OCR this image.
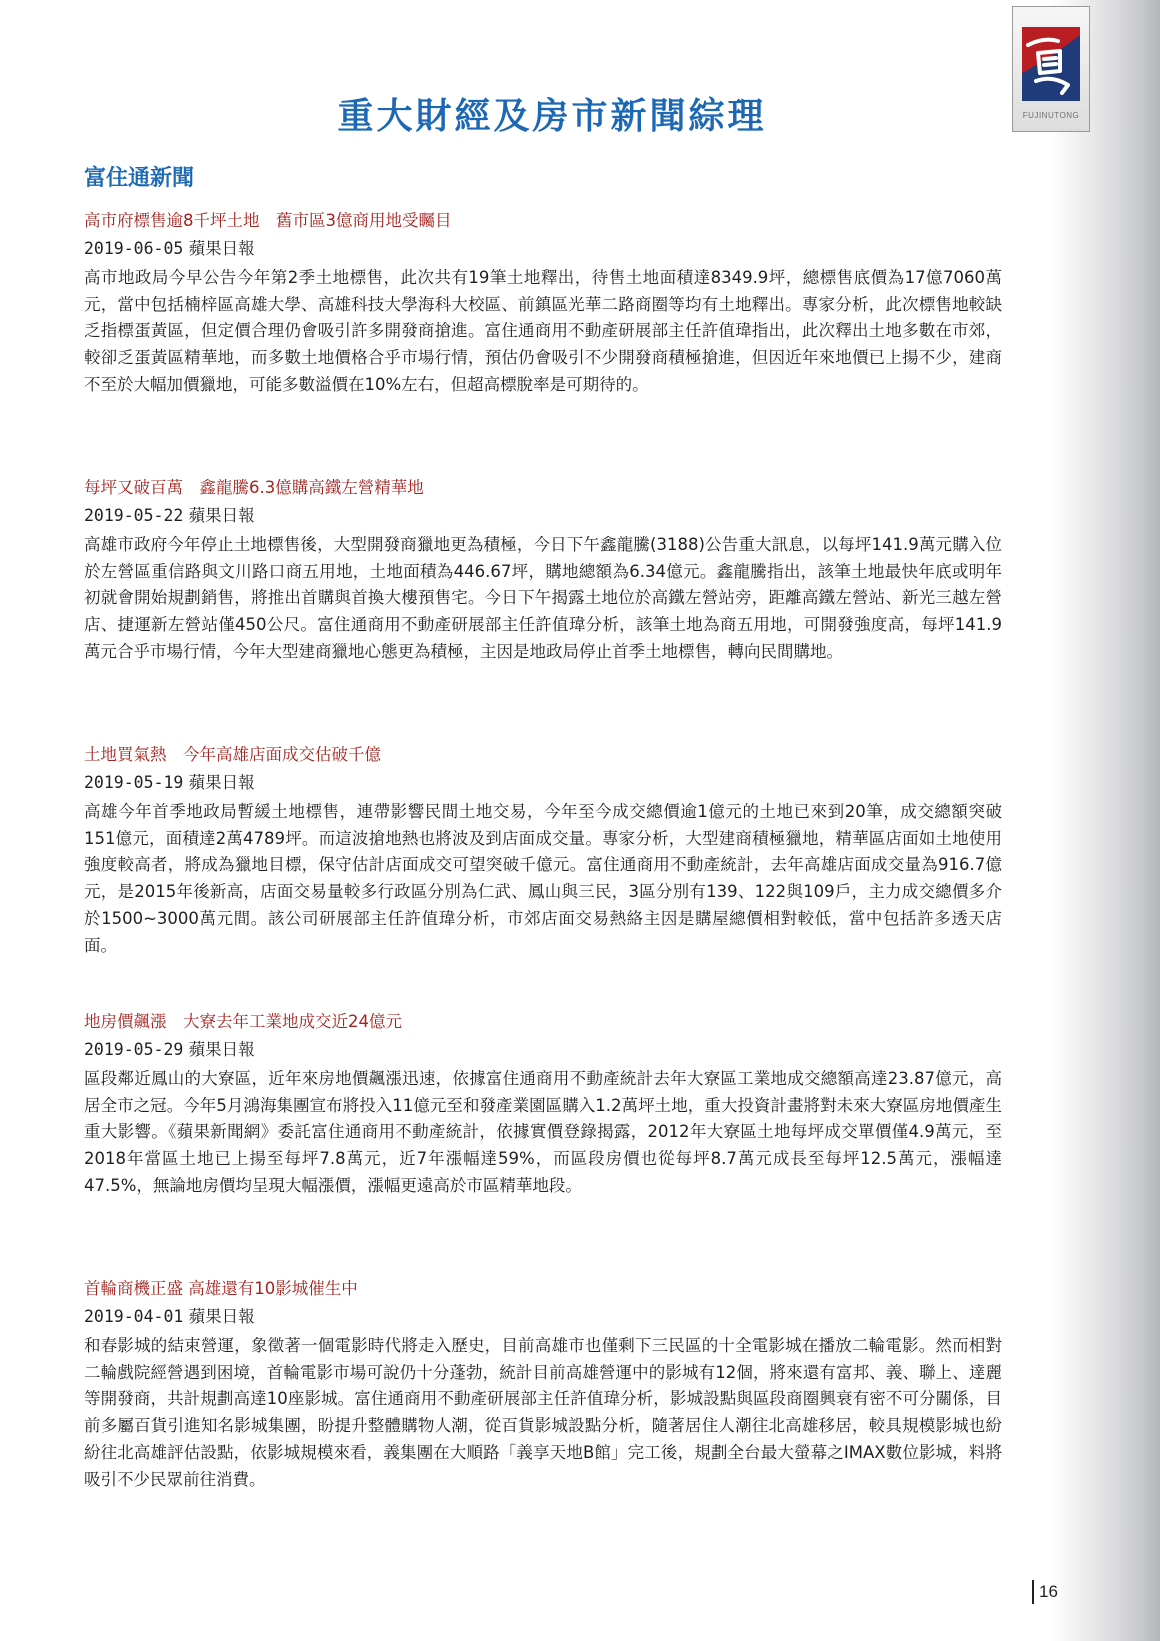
FUJINUTONG
重大財經及房市新聞綜理
富住通新聞

高市府標售逾8千坪土地　舊市區3億商用地受矚目

2019-06-05 蘋果日報

高市地政局今早公告今年第2季土地標售，此次共有19筆土地釋出，待售土地面積達8349.9坪，總標售底價為17億7060萬元，當中包括楠梓區高雄大學、高雄科技大學海科大校區、前鎮區光華二路商圈等均有土地釋出。專家分析，此次標售地較缺乏指標蛋黃區，但定價合理仍會吸引許多開發商搶進。富住通商用不動產研展部主任許值瑋指出，此次釋出土地多數在市郊，較卻乏蛋黃區精華地，而多數土地價格合乎市場行情，預估仍會吸引不少開發商積極搶進，但因近年來地價已上揚不少，建商不至於大幅加價獵地，可能多數溢價在10%左右，但超高標脫率是可期待的。

每坪又破百萬　鑫龍騰6.3億購高鐵左營精華地

2019-05-22 蘋果日報

高雄市政府今年停止土地標售後，大型開發商獵地更為積極，今日下午鑫龍騰(3188)公告重大訊息，以每坪141.9萬元購入位於左營區重信路與文川路口商五用地，土地面積為446.67坪，購地總額為6.34億元。鑫龍騰指出，該筆土地最快年底或明年初就會開始規劃銷售，將推出首購與首換大樓預售宅。今日下午揭露土地位於高鐵左營站旁，距離高鐵左營站、新光三越左營店、捷運新左營站僅450公尺。富住通商用不動產研展部主任許值瑋分析，該筆土地為商五用地，可開發強度高，每坪141.9萬元合乎市場行情，今年大型建商獵地心態更為積極，主因是地政局停止首季土地標售，轉向民間購地。

土地買氣熱　今年高雄店面成交估破千億

2019-05-19 蘋果日報

高雄今年首季地政局暫緩土地標售，連帶影響民間土地交易，今年至今成交總價逾1億元的土地已來到20筆，成交總額突破151億元，面積達2萬4789坪。而這波搶地熱也將波及到店面成交量。專家分析，大型建商積極獵地，精華區店面如土地使用強度較高者，將成為獵地目標，保守估計店面成交可望突破千億元。富住通商用不動產統計，去年高雄店面成交量為916.7億元，是2015年後新高，店面交易量較多行政區分別為仁武、鳳山與三民，3區分別有139、122與109戶，主力成交總價多介於1500~3000萬元間。該公司研展部主任許值瑋分析，市郊店面交易熱絡主因是購屋總價相對較低，當中包括許多透天店面。

地房價飆漲　大寮去年工業地成交近24億元

2019-05-29 蘋果日報

區段鄰近鳳山的大寮區，近年來房地價飆漲迅速，依據富住通商用不動產統計去年大寮區工業地成交總額高達23.87億元，高居全市之冠。今年5月鴻海集團宣布將投入11億元至和發產業園區購入1.2萬坪土地，重大投資計畫將對未來大寮區房地價產生重大影響。《蘋果新聞網》委託富住通商用不動產統計，依據實價登錄揭露，2012年大寮區土地每坪成交單價僅4.9萬元，至2018年當區土地已上揚至每坪7.8萬元，近7年漲幅達59%，而區段房價也從每坪8.7萬元成長至每坪12.5萬元，漲幅達47.5%，無論地房價均呈現大幅漲價，漲幅更遠高於市區精華地段。

首輪商機正盛 高雄還有10影城催生中

2019-04-01 蘋果日報

和春影城的結束營運，象徵著一個電影時代將走入歷史，目前高雄市也僅剩下三民區的十全電影城在播放二輪電影。然而相對二輪戲院經營遇到困境，首輪電影市場可說仍十分蓬勃，統計目前高雄營運中的影城有12個，將來還有富邦、義、聯上、達麗等開發商，共計規劃高達10座影城。富住通商用不動產研展部主任許值瑋分析，影城設點與區段商圈興衰有密不可分關係，目前多屬百貨引進知名影城集團，盼提升整體購物人潮，從百貨影城設點分析，隨著居住人潮往北高雄移居，較具規模影城也紛紛往北高雄評估設點，依影城規模來看，義集團在大順路「義享天地B館」完工後，規劃全台最大螢幕之IMAX數位影城，料將吸引不少民眾前往消費。

16
